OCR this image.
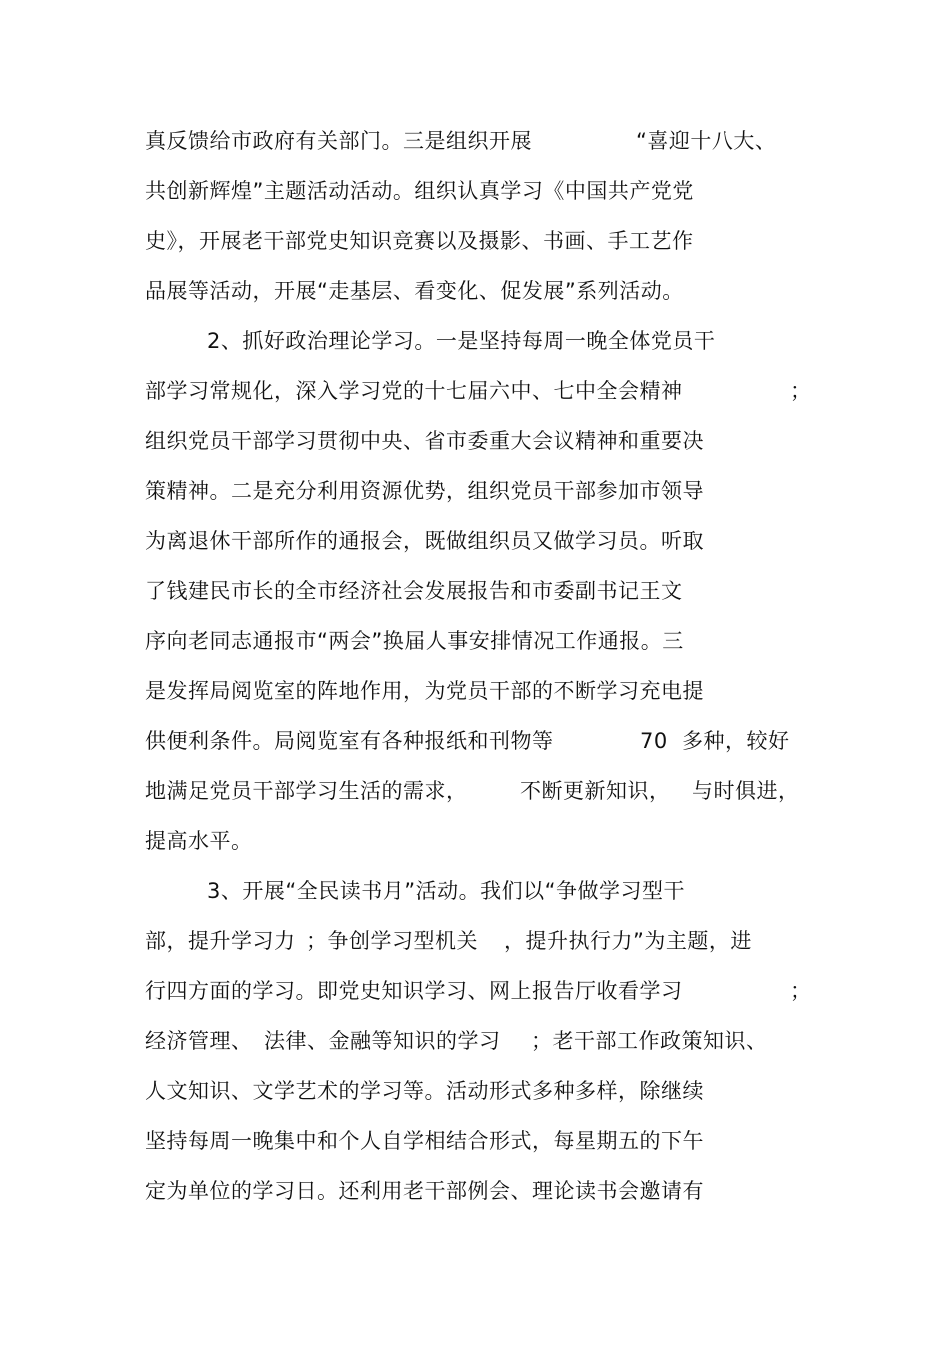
真反馈给市政府有关部门。三是组织开展	“喜迎十八大、
共创新辉煌”主题活动活动。组织认真学习《中国共产党党
史》，开展老干部党史知识竞赛以及摄影、书画、手工艺作
品展等活动，开展“走基层、看变化、促发展”系列活动。
2、抓好政治理论学习。一是坚持每周一晚全体党员干
部学习常规化，深入学习党的十七届六中、七中全会精神	；
组织党员干部学习贯彻中央、省市委重大会议精神和重要决
策精神。二是充分利用资源优势，组织党员干部参加市领导
为离退休干部所作的通报会，既做组织员又做学习员。听取
了钱建民市长的全市经济社会发展报告和市委副书记王文
序向老同志通报市“两会”换届人事安排情况工作通报。三
是发挥局阅览室的阵地作用，为党员干部的不断学习充电提
供便利条件。局阅览室有各种报纸和刊物等	70 多种，较好
地满足党员干部学习生活的需求，	不断更新知识， 与时俱进，
提高水平。
3、开展“全民读书月”活动。我们以“争做学习型干
部，提升学习力 ；争创学习型机关 ，提升执行力”为主题，进
行四方面的学习。即党史知识学习、网上报告厅收看学习	；
经济管理、 法律、金融等知识的学习 ；老干部工作政策知识、
人文知识、文学艺术的学习等。活动形式多种多样，除继续
坚持每周一晚集中和个人自学相结合形式，每星期五的下午
定为单位的学习日。还利用老干部例会、理论读书会邀请有
